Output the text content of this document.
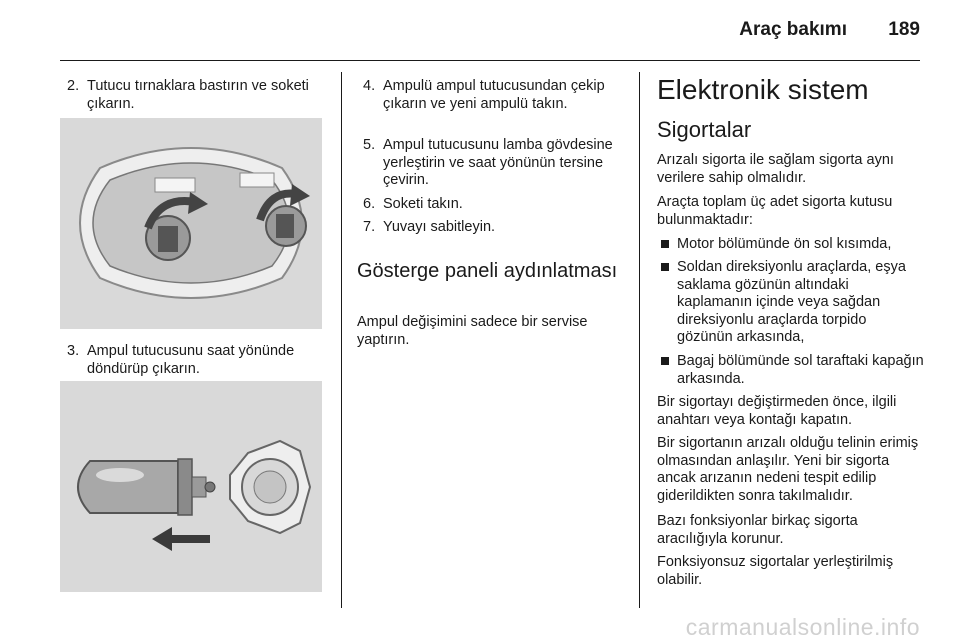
Araç bakımı 189
2. Tutucu tırnaklara bastırın ve soketi çıkarın.
3. Ampul tutucusunu saat yönünde döndürüp çıkarın.
4. Ampulü ampul tutucusundan çekip çıkarın ve yeni ampulü takın.
5. Ampul tutucusunu lamba gövdesine yerleştirin ve saat yönünün tersine çevirin.
6. Soketi takın.
7. Yuvayı sabitleyin.
Gösterge paneli aydınlatması
Ampul değişimini sadece bir servise yaptırın.
Elektronik sistem
Sigortalar
Arızalı sigorta ile sağlam sigorta aynı verilere sahip olmalıdır.
Araçta toplam üç adet sigorta kutusu bulunmaktadır:
Motor bölümünde ön sol kısımda,
Soldan direksiyonlu araçlarda, eşya saklama gözünün altındaki kaplamanın içinde veya sağdan direksiyonlu araçlarda torpido gözünün arkasında,
Bagaj bölümünde sol taraftaki kapağın arkasında.
Bir sigortayı değiştirmeden önce, ilgili anahtarı veya kontağı kapatın.
Bir sigortanın arızalı olduğu telinin erimiş olmasından anlaşılır. Yeni bir sigorta ancak arızanın nedeni tespit edilip giderildikten sonra takılmalıdır.
Bazı fonksiyonlar birkaç sigorta aracılığıyla korunur.
Fonksiyonsuz sigortalar yerleştirilmiş olabilir.
carmanualsonline.info
